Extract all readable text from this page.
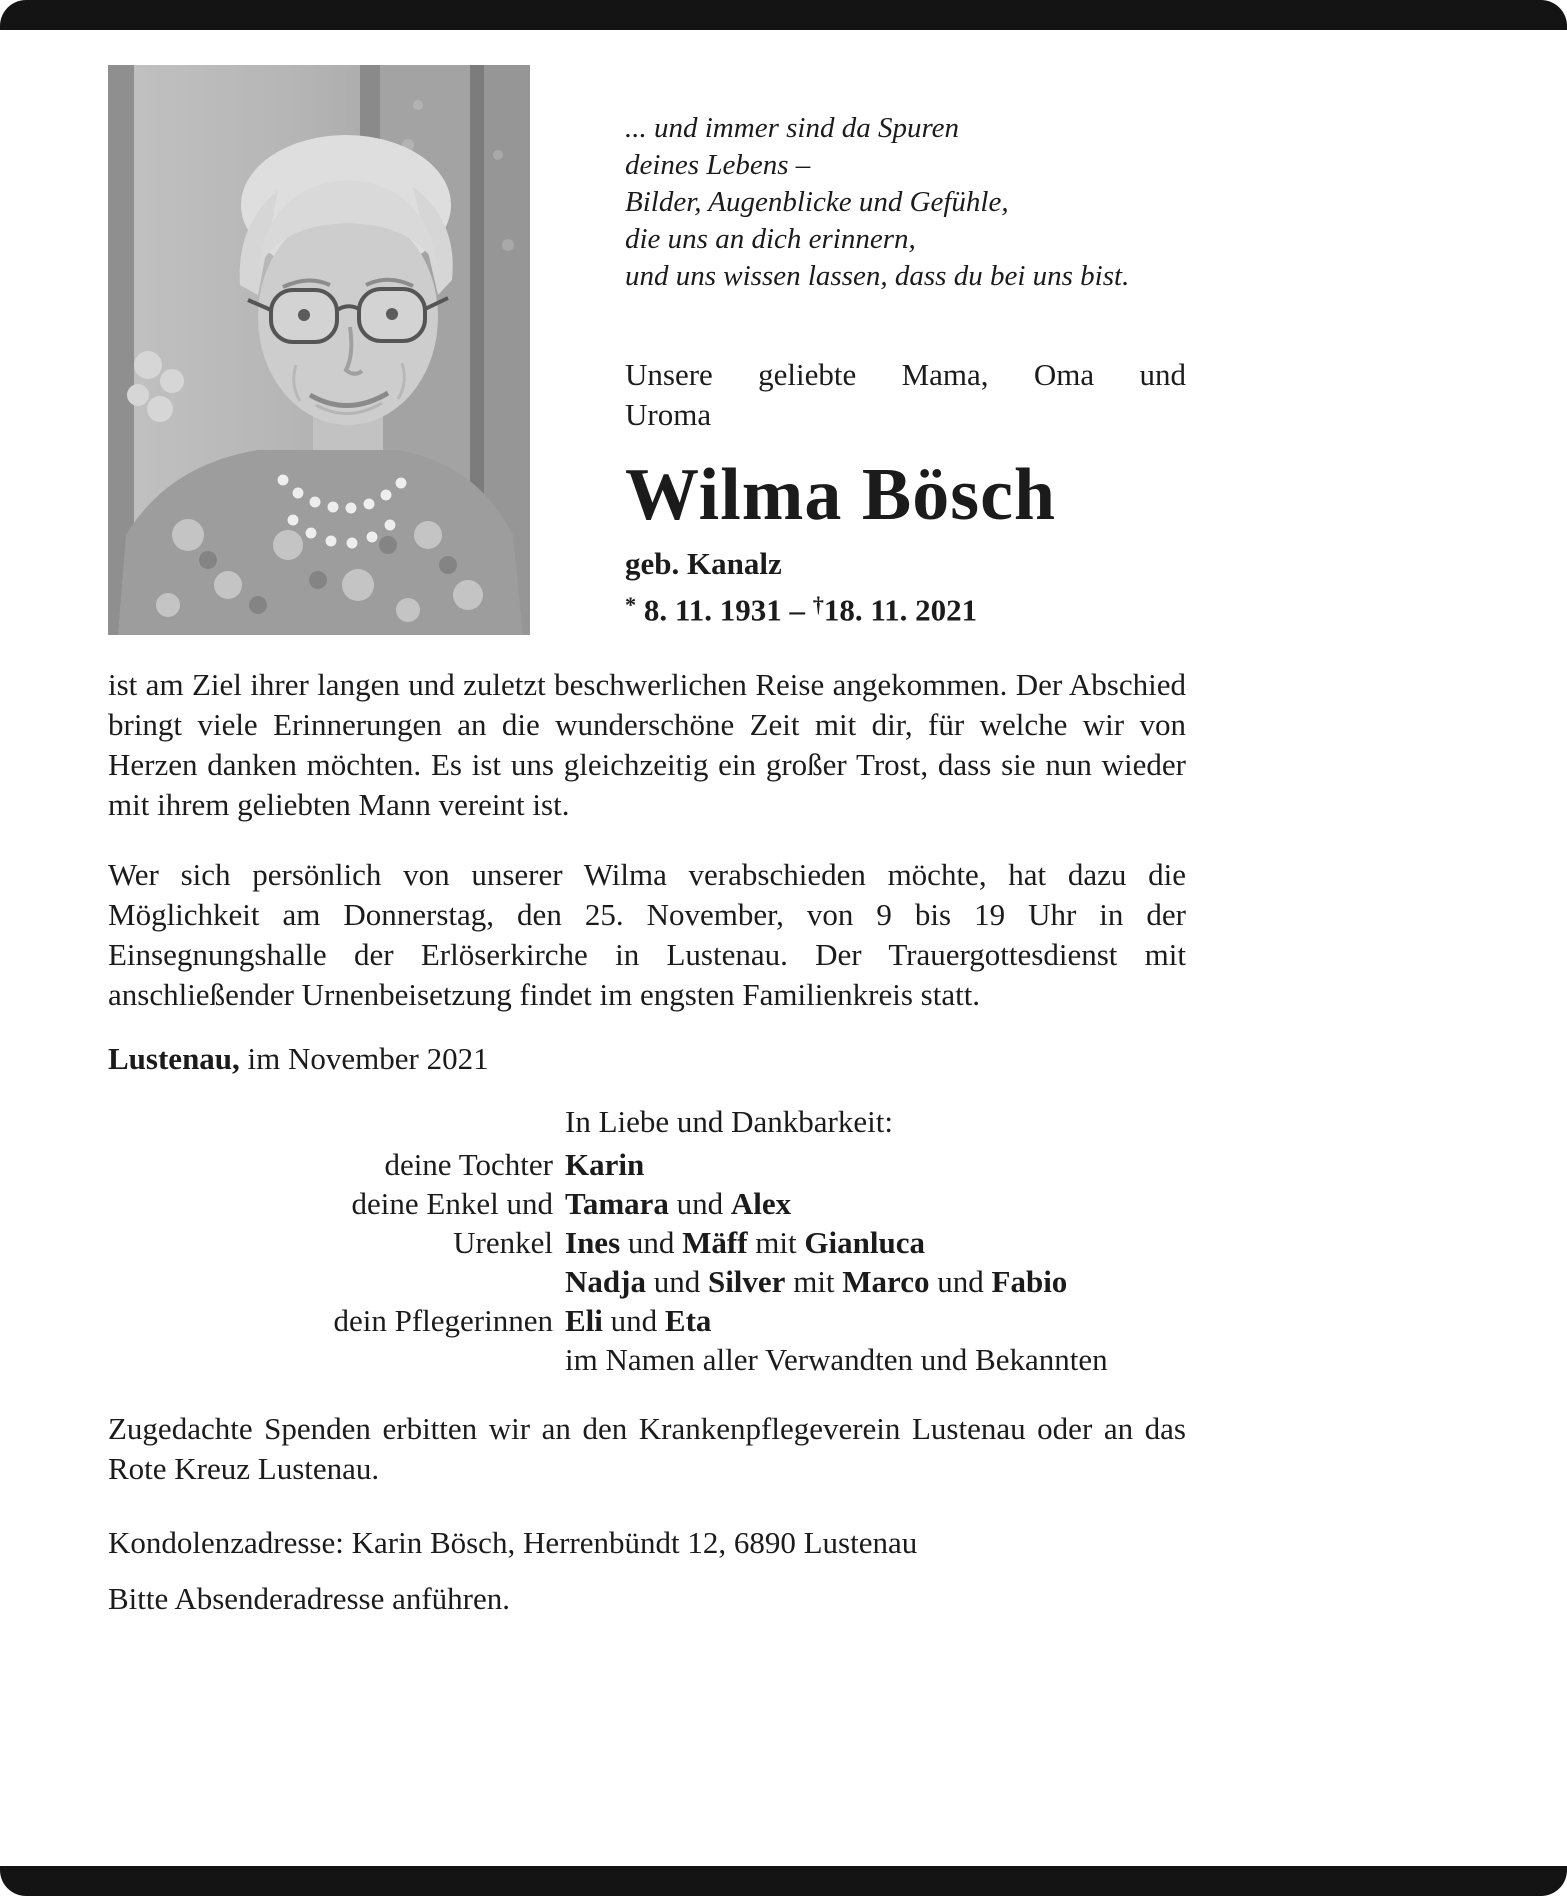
... und immer sind da Spuren
deines Lebens –
Bilder, Augenblicke und Gefühle,
die uns an dich erinnern,
und uns wissen lassen, dass du bei uns bist.
Unsere geliebte Mama, Oma und
Uroma
Wilma Bösch
geb. Kanalz
* 8. 11. 1931 – †18. 11. 2021

ist am Ziel ihrer langen und zuletzt beschwerlichen Reise angekommen. Der Abschied bringt viele Erinnerungen an die wunderschöne Zeit mit dir, für welche wir von Herzen danken möchten. Es ist uns gleichzeitig ein großer Trost, dass sie nun wieder mit ihrem geliebten Mann vereint ist.

Wer sich persönlich von unserer Wilma verabschieden möchte, hat dazu die Möglichkeit am Donnerstag, den 25. November, von 9 bis 19 Uhr in der Einsegnungshalle der Erlöserkirche in Lustenau. Der Trauergottesdienst mit anschließender Urnenbeisetzung findet im engsten Familienkreis statt.

Lustenau, im November 2021

In Liebe und Dankbarkeit:
deine Tochter Karin
deine Enkel und Tamara und Alex
Urenkel Ines und Mäff mit Gianluca
Nadja und Silver mit Marco und Fabio
dein Pflegerinnen Eli und Eta
im Namen aller Verwandten und Bekannten

Zugedachte Spenden erbitten wir an den Krankenpflegeverein Lustenau oder an das Rote Kreuz Lustenau.

Kondolenzadresse: Karin Bösch, Herrenbündt 12, 6890 Lustenau

Bitte Absenderadresse anführen.
